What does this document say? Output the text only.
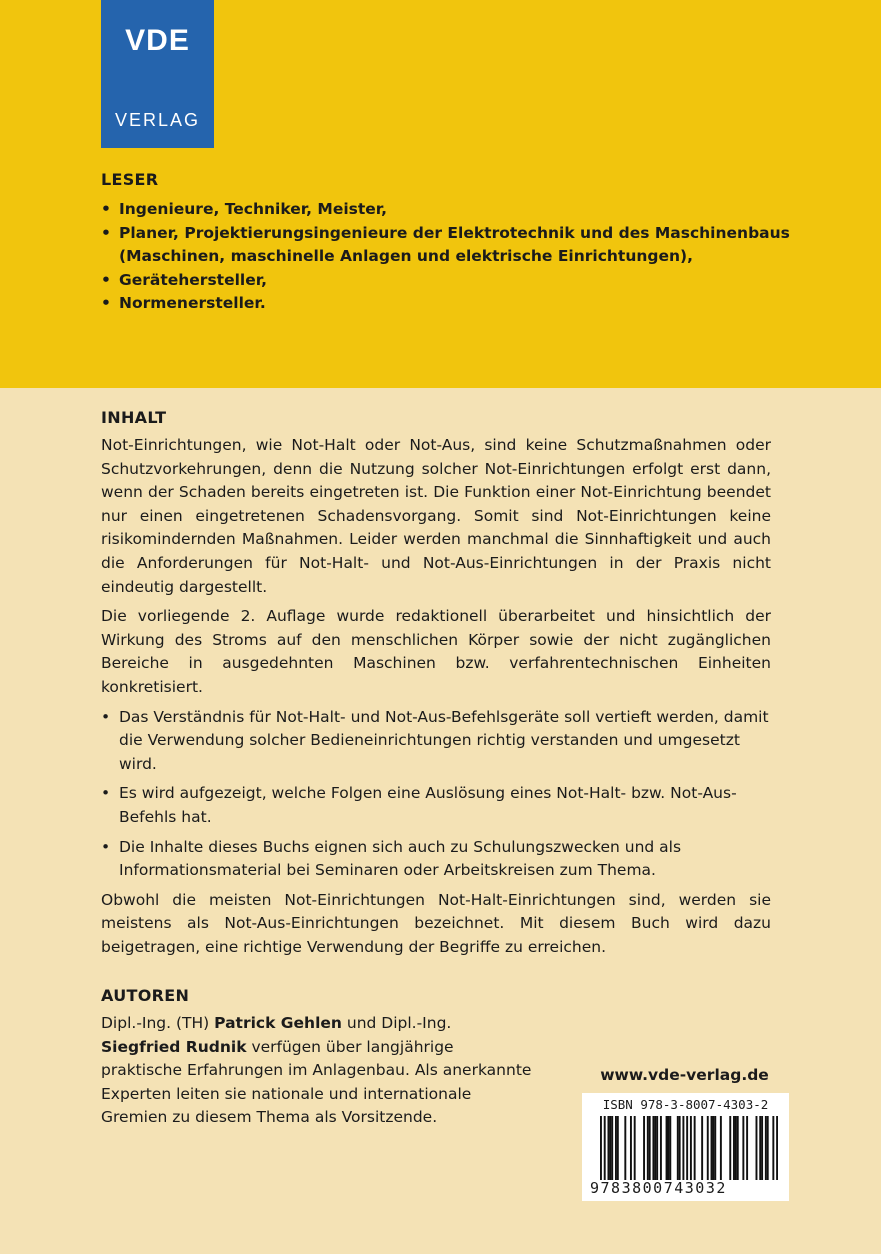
VDE
VERLAG
LESER
• Ingenieure, Techniker, Meister,
• Planer, Projektierungsingenieure der Elektrotechnik und des Maschinenbaus (Maschinen, maschinelle Anlagen und elektrische Einrichtungen),
• Gerätehersteller,
• Normenersteller.
INHALT

Not-Einrichtungen, wie Not-Halt oder Not-Aus, sind keine Schutzmaßnahmen oder Schutzvorkehrungen, denn die Nutzung solcher Not-Einrichtungen erfolgt erst dann, wenn der Schaden bereits eingetreten ist. Die Funktion einer Not-Einrichtung beendet nur einen eingetretenen Schadensvorgang. Somit sind Not-Einrichtungen keine risikomindernden Maßnahmen. Leider werden manchmal die Sinnhaftigkeit und auch die Anforderungen für Not-Halt- und Not-Aus-Einrichtungen in der Praxis nicht eindeutig dargestellt.

Die vorliegende 2. Auflage wurde redaktionell überarbeitet und hinsichtlich der Wirkung des Stroms auf den menschlichen Körper sowie der nicht zugänglichen Bereiche in ausgedehnten Maschinen bzw. verfahrentechnischen Einheiten konkretisiert.

• Das Verständnis für Not-Halt- und Not-Aus-Befehlsgeräte soll vertieft werden, damit die Verwendung solcher Bedieneinrichtungen richtig verstanden und umgesetzt wird.
• Es wird aufgezeigt, welche Folgen eine Auslösung eines Not-Halt- bzw. Not-Aus-Befehls hat.
• Die Inhalte dieses Buchs eignen sich auch zu Schulungszwecken und als Informationsmaterial bei Seminaren oder Arbeitskreisen zum Thema.

Obwohl die meisten Not-Einrichtungen Not-Halt-Einrichtungen sind, werden sie meistens als Not-Aus-Einrichtungen bezeichnet. Mit diesem Buch wird dazu beigetragen, eine richtige Verwendung der Begriffe zu erreichen.

AUTOREN

Dipl.-Ing. (TH) Patrick Gehlen und Dipl.-Ing. Siegfried Rudnik verfügen über langjährige praktische Erfahrungen im Anlagenbau. Als anerkannte Experten leiten sie nationale und internationale Gremien zu diesem Thema als Vorsitzende.

www.vde-verlag.de
ISBN 978-3-8007-4303-2
9783800743032
